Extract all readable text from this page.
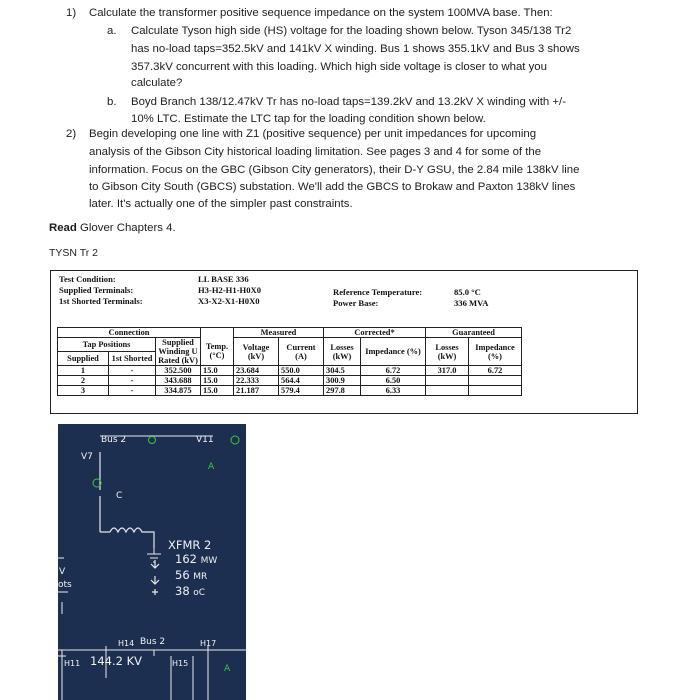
1) Calculate the transformer positive sequence impedance on the system 100MVA base. Then:
a. Calculate Tyson high side (HS) voltage for the loading shown below. Tyson 345/138 Tr2
has no-load taps=352.5kV and 141kV X winding. Bus 1 shows 355.1kV and Bus 3 shows
357.3kV concurrent with this loading. Which high side voltage is closer to what you
calculate?
b. Boyd Branch 138/12.47kV Tr has no-load taps=139.2kV and 13.2kV X winding with +/-
10% LTC. Estimate the LTC tap for the loading condition shown below.
2) Begin developing one line with Z1 (positive sequence) per unit impedances for upcoming
analysis of the Gibson City historical loading limitation. See pages 3 and 4 for some of the
information. Focus on the GBC (Gibson City generators), their D-Y GSU, the 2.84 mile 138kV line
to Gibson City South (GBCS) substation. We'll add the GBCS to Brokaw and Paxton 138kV lines
later. It's actually one of the simpler past constraints.
Read Glover Chapters 4.
TYSN Tr 2
Test Condition:	LL BASE 336
Supplied Terminals:	H3-H2-H1-H0X0
1st Shorted Terminals:	X3-X2-X1-H0X0
Reference Temperature:	85.0 °C
Power Base:	336 MVA
Connection				Measured		Corrected*		Guaranteed	
Tap Positions		Supplied Winding U Rated (kV)	Temp. (°C)	Voltage (kV)	Current (A)	Losses (kW)	Impedance (%)	Losses (kW)	Impedance (%)
Supplied	1st Shorted								
1	-	352.500	15.0	23.684	550.0	304.5	6.72	317.0	6.72
2	-	343.688	15.0	22.333	564.4	300.9	6.50		
3	-	334.875	15.0	21.187	579.4	297.8	6.33		
Bus 2	V11
V7
A
C
XFMR 2
162 MW
56 MR
38 oC
V
ots
H14 Bus 2	H17
H11 144.2 KV	H15
A
